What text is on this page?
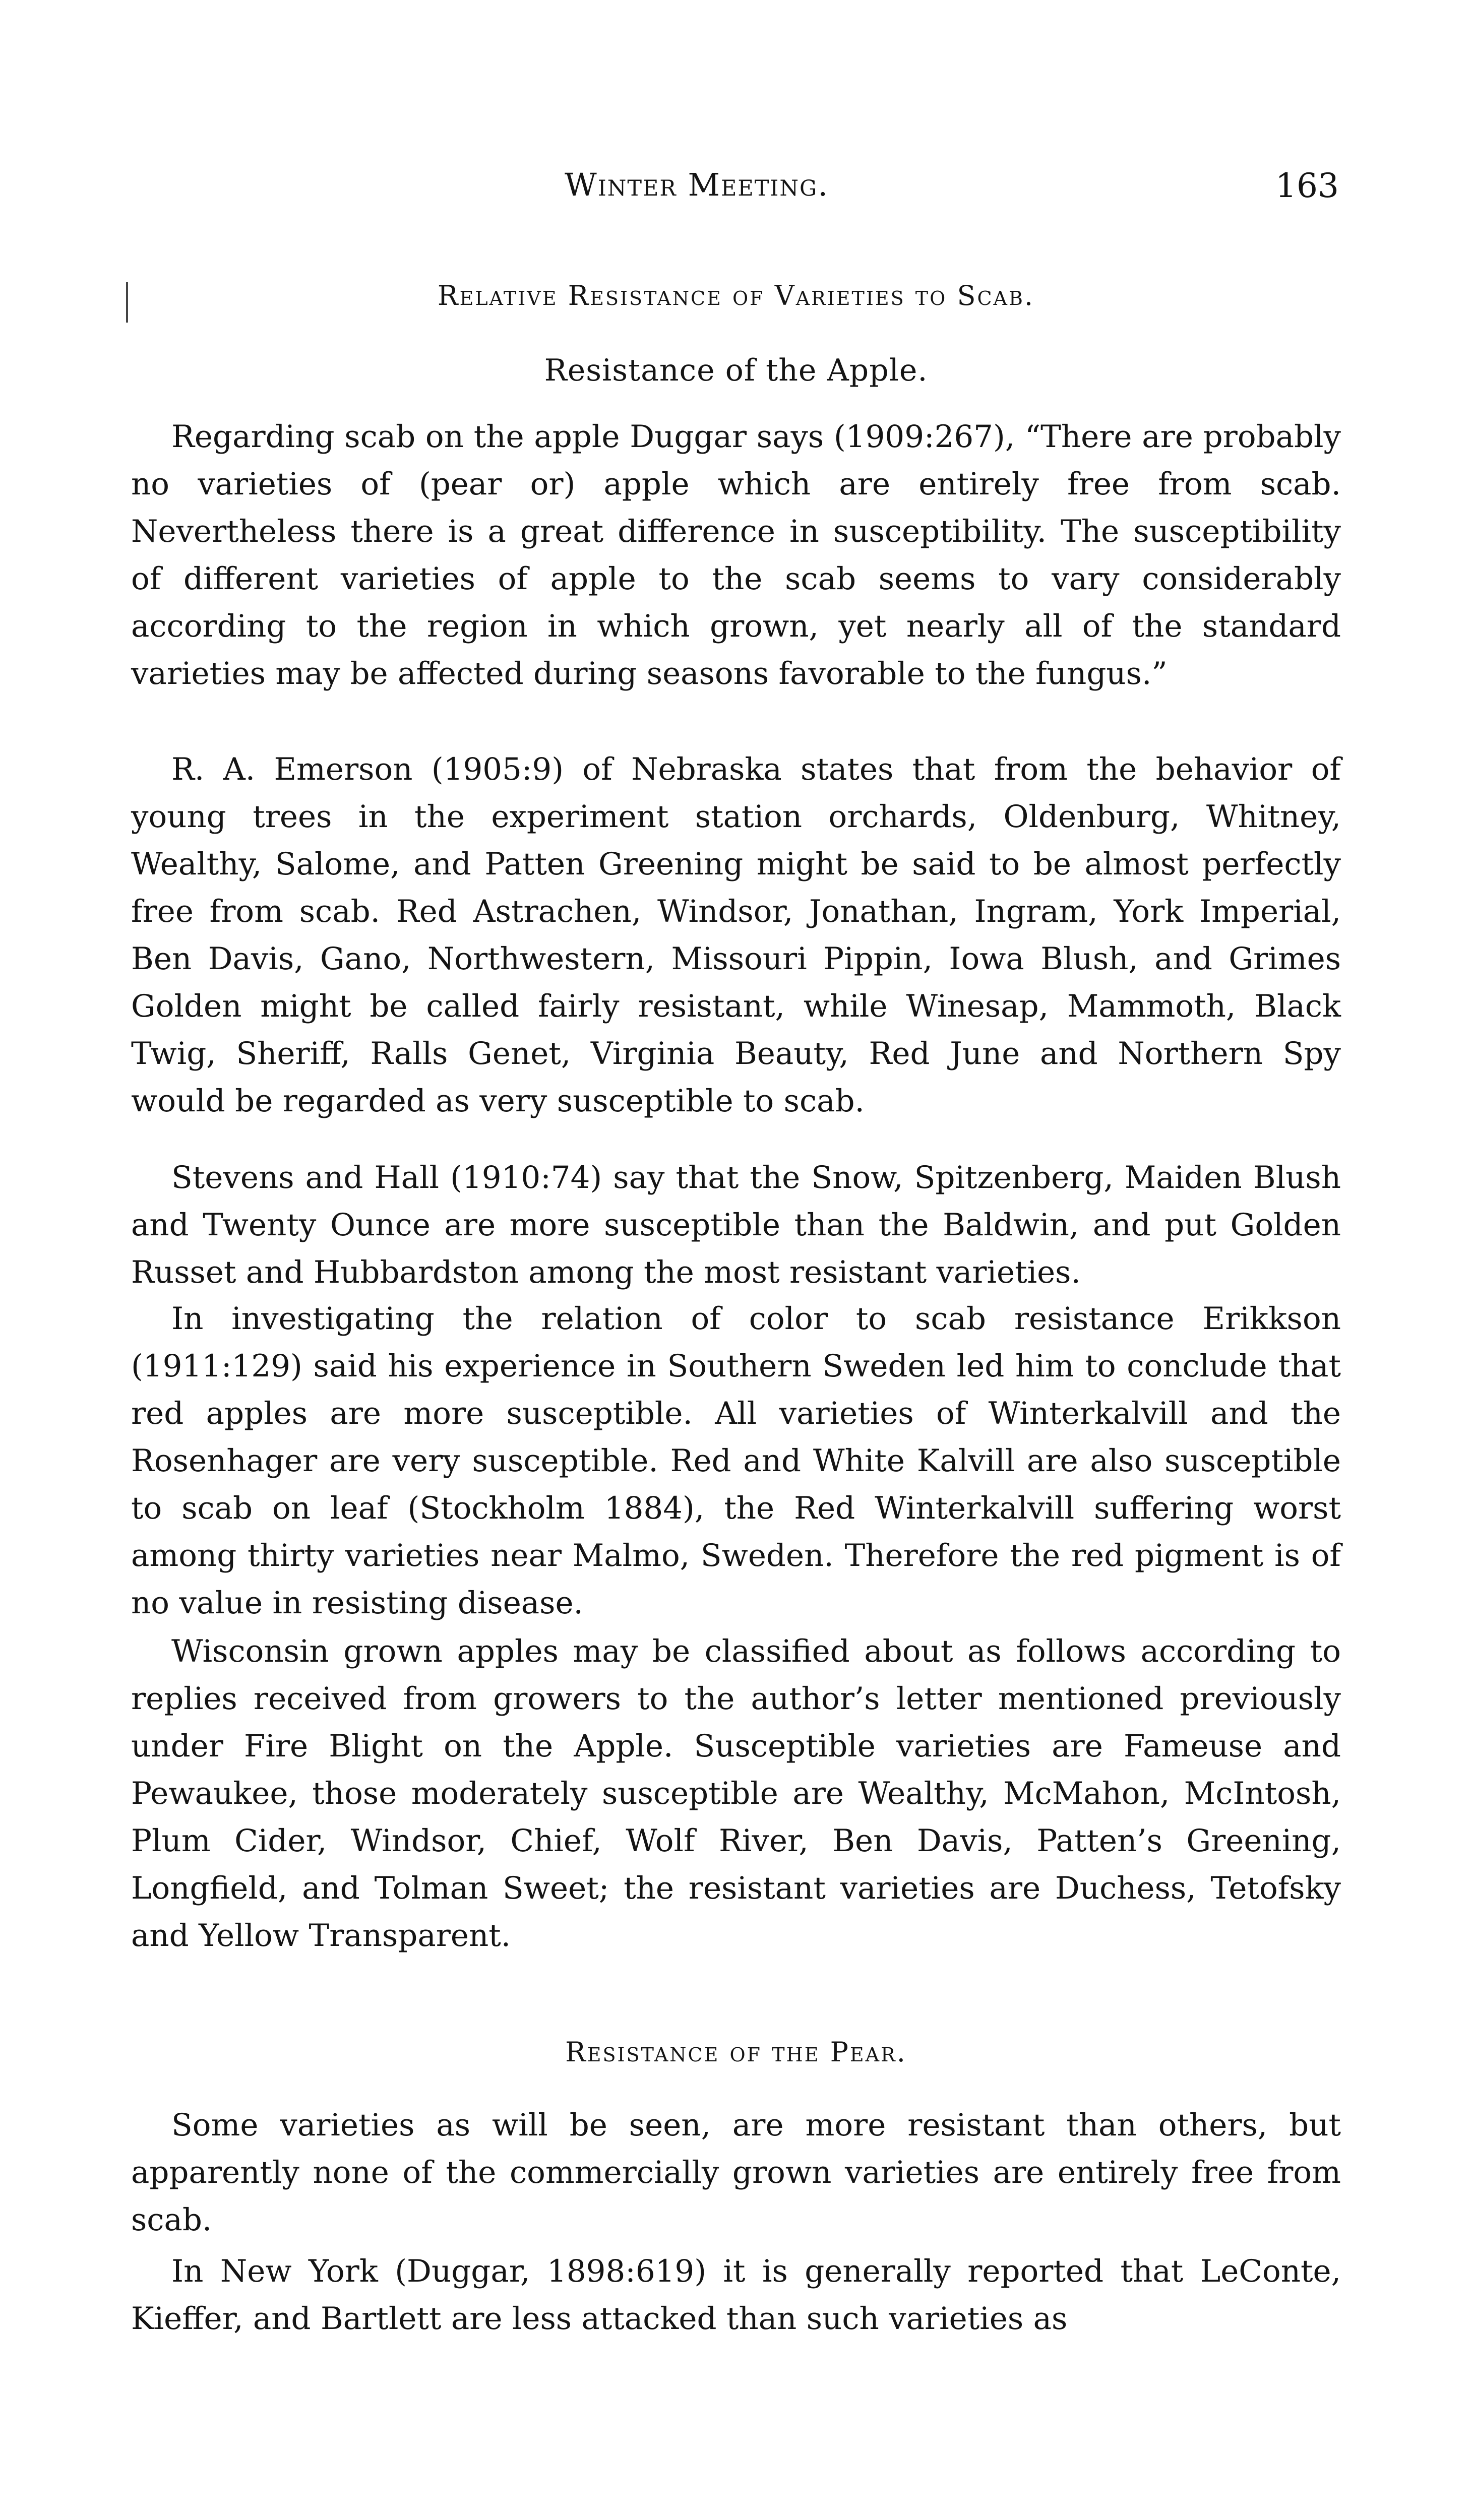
Winter Meeting.	163
Relative Resistance of Varieties to Scab.
Resistance of the Apple.

Regarding scab on the apple Duggar says (1909:267), “There are probably no varieties of (pear or) apple which are entirely free from scab. Nevertheless there is a great difference in susceptibility. The susceptibility of different varieties of apple to the scab seems to vary considerably according to the region in which grown, yet nearly all of the standard varieties may be affected during seasons favorable to the fungus.”

R. A. Emerson (1905:9) of Nebraska states that from the behavior of young trees in the experiment station orchards, Oldenburg, Whitney, Wealthy, Salome, and Patten Greening might be said to be almost perfectly free from scab. Red Astrachen, Windsor, Jonathan, Ingram, York Imperial, Ben Davis, Gano, Northwestern, Missouri Pippin, Iowa Blush, and Grimes Golden might be called fairly resistant, while Winesap, Mammoth, Black Twig, Sheriff, Ralls Genet, Virginia Beauty, Red June and Northern Spy would be regarded as very susceptible to scab.

Stevens and Hall (1910:74) say that the Snow, Spitzenberg, Maiden Blush and Twenty Ounce are more susceptible than the Baldwin, and put Golden Russet and Hubbardston among the most resistant varieties.

In investigating the relation of color to scab resistance Erikkson (1911:129) said his experience in Southern Sweden led him to conclude that red apples are more susceptible. All varieties of Winterkalvill and the Rosenhager are very susceptible. Red and White Kalvill are also susceptible to scab on leaf (Stockholm 1884), the Red Winterkalvill suffering worst among thirty varieties near Malmo, Sweden. Therefore the red pigment is of no value in resisting disease.

Wisconsin grown apples may be classified about as follows according to replies received from growers to the author’s letter mentioned previously under Fire Blight on the Apple. Susceptible varieties are Fameuse and Pewaukee, those moderately susceptible are Wealthy, McMahon, McIntosh, Plum Cider, Windsor, Chief, Wolf River, Ben Davis, Patten’s Greening, Longfield, and Tolman Sweet; the resistant varieties are Duchess, Tetofsky and Yellow Transparent.

Resistance of the Pear.

Some varieties as will be seen, are more resistant than others, but apparently none of the commercially grown varieties are entirely free from scab.

In New York (Duggar, 1898:619) it is generally reported that LeConte, Kieffer, and Bartlett are less attacked than such varieties as
